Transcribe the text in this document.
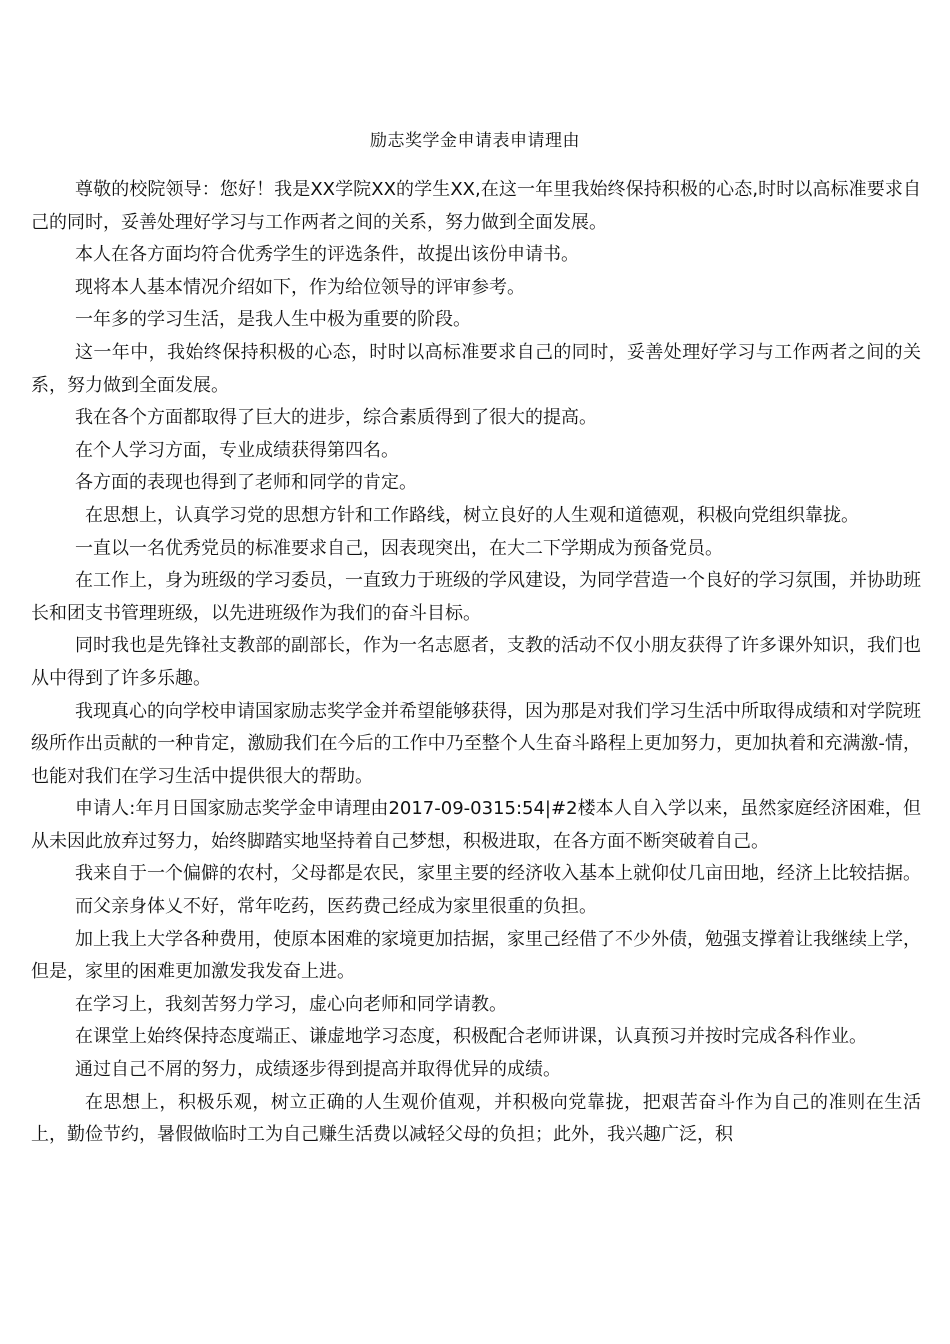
励志奖学金申请表申请理由

尊敬的校院领导：您好！我是XX学院XX的学生XX,在这一年里我始终保持积极的心态,时时以高标准要求自己的同时，妥善处理好学习与工作两者之间的关系，努力做到全面发展。

本人在各方面均符合优秀学生的评选条件，故提出该份申请书。

现将本人基本情况介绍如下，作为给位领导的评审参考。

一年多的学习生活，是我人生中极为重要的阶段。

这一年中，我始终保持积极的心态，时时以高标准要求自己的同时，妥善处理好学习与工作两者之间的关系，努力做到全面发展。

我在各个方面都取得了巨大的进步，综合素质得到了很大的提高。

在个人学习方面，专业成绩获得第四名。

各方面的表现也得到了老师和同学的肯定。

在思想上，认真学习党的思想方针和工作路线，树立良好的人生观和道德观，积极向党组织靠拢。

一直以一名优秀党员的标准要求自己，因表现突出，在大二下学期成为预备党员。

在工作上，身为班级的学习委员，一直致力于班级的学风建设，为同学营造一个良好的学习氛围，并协助班长和团支书管理班级，以先进班级作为我们的奋斗目标。

同时我也是先锋社支教部的副部长，作为一名志愿者，支教的活动不仅小朋友获得了许多课外知识，我们也从中得到了许多乐趣。

我现真心的向学校申请国家励志奖学金并希望能够获得，因为那是对我们学习生活中所取得成绩和对学院班级所作出贡献的一种肯定，激励我们在今后的工作中乃至整个人生奋斗路程上更加努力，更加执着和充满激-情，也能对我们在学习生活中提供很大的帮助。

申请人:年月日国家励志奖学金申请理由2017-09-0315:54|#2楼本人自入学以来，虽然家庭经济困难，但从未因此放弃过努力，始终脚踏实地坚持着自己梦想，积极进取，在各方面不断突破着自己。

我来自于一个偏僻的农村，父母都是农民，家里主要的经济收入基本上就仰仗几亩田地，经济上比较拮据。

而父亲身体乂不好，常年吃药，医药费己经成为家里很重的负担。

加上我上大学各种费用，使原本困难的家境更加拮据，家里己经借了不少外债，勉强支撑着让我继续上学，但是，家里的困难更加激发我发奋上进。

在学习上，我刻苦努力学习，虚心向老师和同学请教。

在课堂上始终保持态度端正、谦虚地学习态度，积极配合老师讲课，认真预习并按时完成各科作业。

通过自己不屑的努力，成绩逐步得到提高并取得优异的成绩。

在思想上，积极乐观，树立正确的人生观价值观，并积极向党靠拢，把艰苦奋斗作为自己的准则在生活上，勤俭节约，暑假做临时工为自己赚生活费以减轻父母的负担；此外，我兴趣广泛，积
